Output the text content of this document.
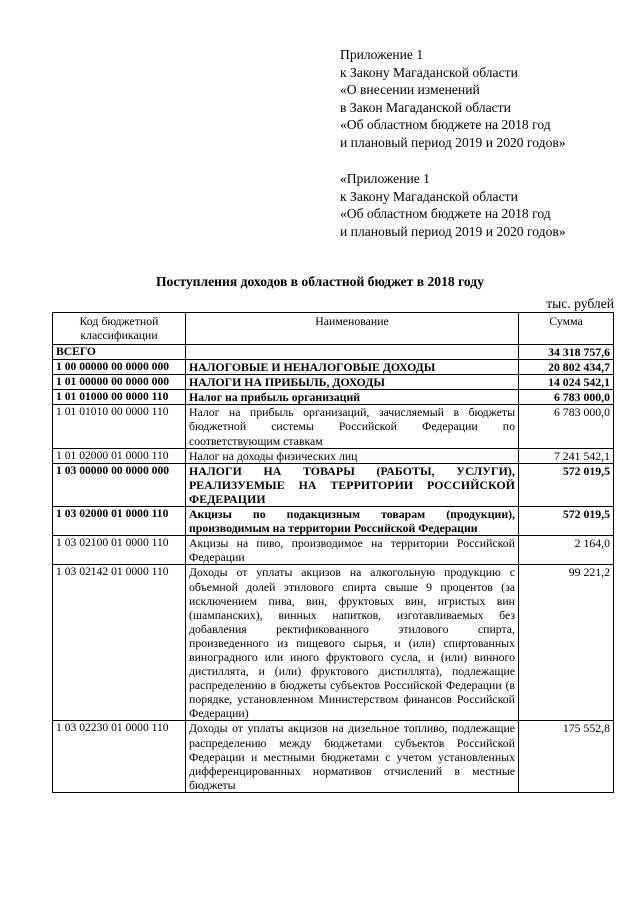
Приложение 1
к Закону Магаданской области
«О внесении изменений
в Закон Магаданской области
«Об областном бюджете на 2018 год
и плановый период 2019 и 2020 годов»
«Приложение 1
к Закону Магаданской области
«Об областном бюджете на 2018 год
и плановый период 2019 и 2020 годов»
Поступления доходов в областной бюджет в 2018 году
тыс. рублей
Код бюджетной классификации	Наименование	Сумма
ВСЕГО		34 318 757,6
1 00 00000 00 0000 000	НАЛОГОВЫЕ И НЕНАЛОГОВЫЕ ДОХОДЫ	20 802 434,7
1 01 00000 00 0000 000	НАЛОГИ НА ПРИБЫЛЬ, ДОХОДЫ	14 024 542,1
1 01 01000 00 0000 110	Налог на прибыль организаций	6 783 000,0
1 01 01010 00 0000 110	Налог на прибыль организаций, зачисляемый в бюджеты бюджетной системы Российской Федерации по соответствующим ставкам	6 783 000,0
1 01 02000 01 0000 110	Налог на доходы физических лиц	7 241 542,1
1 03 00000 00 0000 000	НАЛОГИ НА ТОВАРЫ (РАБОТЫ, УСЛУГИ), РЕАЛИЗУЕМЫЕ НА ТЕРРИТОРИИ РОССИЙСКОЙ ФЕДЕРАЦИИ	572 019,5
1 03 02000 01 0000 110	Акцизы по подакцизным товарам (продукции), производимым на территории Российской Федерации	572 019,5
1 03 02100 01 0000 110	Акцизы на пиво, производимое на территории Российской Федерации	2 164,0
1 03 02142 01 0000 110	Доходы от уплаты акцизов на алкогольную продукцию с объемной долей этилового спирта свыше 9 процентов (за исключением пива, вин, фруктовых вин, игристых вин (шампанских), винных напитков, изготавливаемых без добавления ректификованного этилового спирта, произведенного из пищевого сырья, и (или) спиртованных виноградного или иного фруктового сусла, и (или) винного дистиллята, и (или) фруктового дистиллята), подлежащие распределению в бюджеты субъектов Российской Федерации (в порядке, установленном Министерством финансов Российской Федерации)	99 221,2
1 03 02230 01 0000 110	Доходы от уплаты акцизов на дизельное топливо, подлежащие распределению между бюджетами субъектов Российской Федерации и местными бюджетами с учетом установленных дифференцированных нормативов отчислений в местные бюджеты	175 552,8
